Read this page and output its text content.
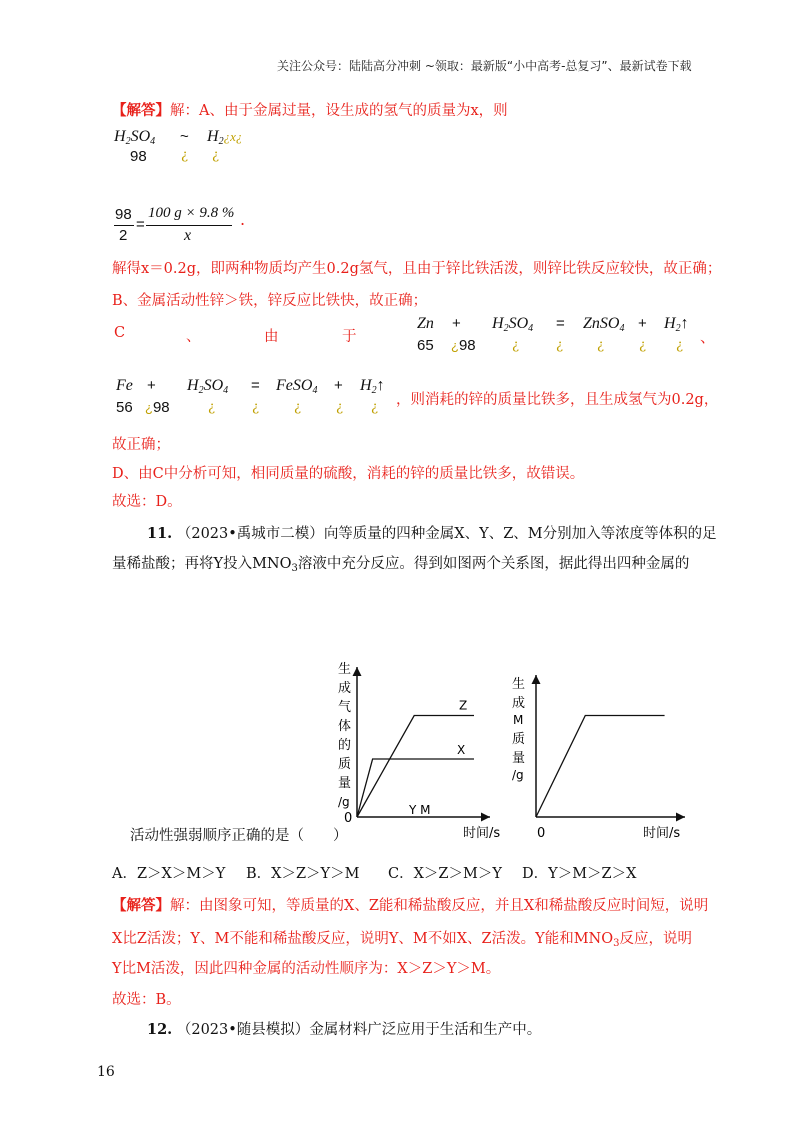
关注公众号：陆陆高分冲刺 ~领取：最新版“小中高考-总复习”、最新试卷下载
【解答】解：A、由于金属过量，设生成的氢气的质量为x，则
$H_2SO_4$ ~ $H_2¿x¿$
98	¿ ¿
98
2
=
100 g × 9.8 %
x
.
解得x＝0.2g，即两种物质均产生0.2g氢气，且由于锌比铁活泼，则锌比铁反应较快，故正确；
B、金属活动性锌＞铁，锌反应比铁快，故正确；
C	、	由	于
$Zn + H_2SO_4$ = ZnSO$_4$ + $H_2↑$
、
65 ¿98	¿	¿	¿	¿ ¿
$Fe + H_2SO_4$ = FeSO$_4$ + $H_2↑$
，则消耗的锌的质量比铁多，且生成氢气为0.2g，
56 ¿98	¿	¿	¿	¿ ¿
故正确；
D、由C中分析可知，相同质量的硫酸，消耗的锌的质量比铁多，故错误。
故选：D。
11. （2023•禹城市二模）向等质量的四种金属X、Y、Z、M分别加入等浓度等体积的足
量稀盐酸；再将Y投入$MNO_3$溶液中充分反应。得到如图两个关系图，据此得出四种金属的
生
成
气
体
的
质
量
/g
0
时间/s
Z
X
Y M
生
成
M
质
量
/g
0	时间/s
活动性强弱顺序正确的是（　　）
A．Z＞X＞M＞Y B．X＞Z＞Y＞M C．X＞Z＞M＞Y D．Y＞M＞Z＞X
【解答】解：由图象可知，等质量的X、Z能和稀盐酸反应，并且X和稀盐酸反应时间短，说明
X比Z活泼；Y、M不能和稀盐酸反应，说明Y、M不如X、Z活泼。Y能和$MNO_3$反应，说明
Y比M活泼，因此四种金属的活动性顺序为：X＞Z＞Y＞M。
故选：B。
12. （2023•随县模拟）金属材料广泛应用于生活和生产中。
16
